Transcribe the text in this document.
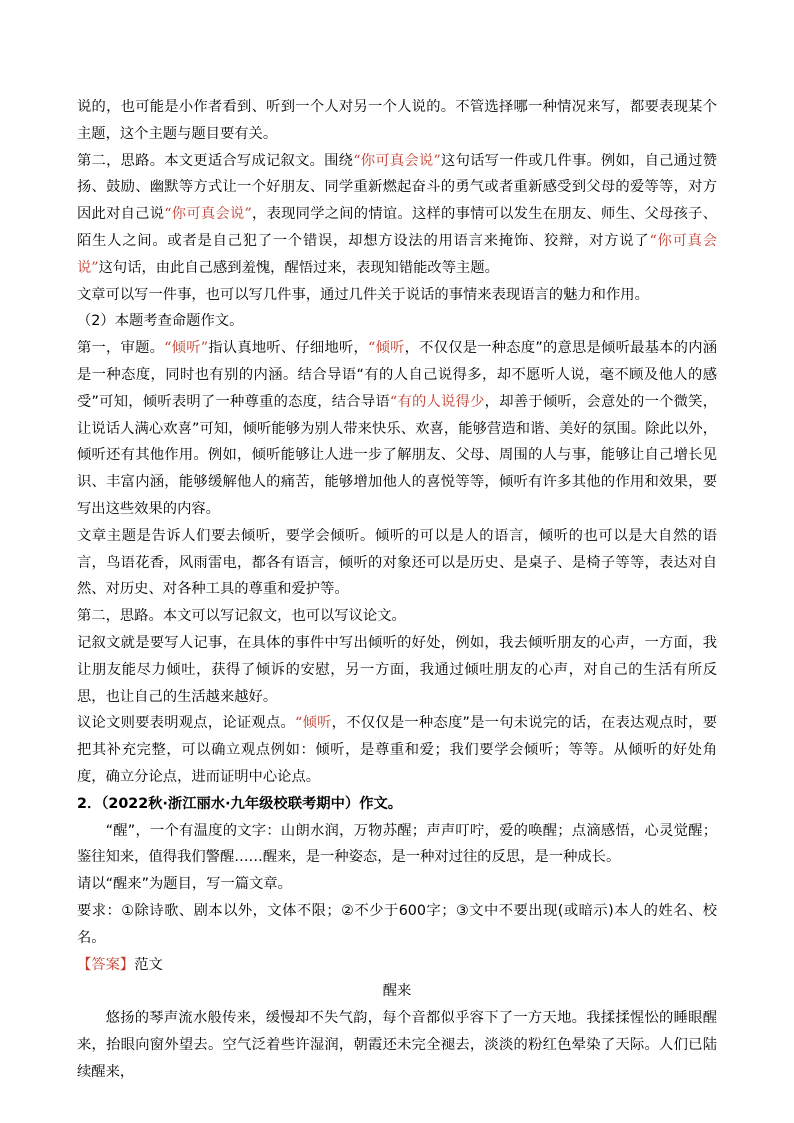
说的，也可能是小作者看到、听到一个人对另一个人说的。不管选择哪一种情况来写，都要表现某个主题，这个主题与题目要有关。

第二，思路。本文更适合写成记叙文。围绕“你可真会说”这句话写一件或几件事。例如，自己通过赞扬、鼓励、幽默等方式让一个好朋友、同学重新燃起奋斗的勇气或者重新感受到父母的爱等等，对方因此对自己说“你可真会说”，表现同学之间的情谊。这样的事情可以发生在朋友、师生、父母孩子、陌生人之间。或者是自己犯了一个错误，却想方设法的用语言来掩饰、狡辩，对方说了“你可真会说”这句话，由此自己感到羞愧，醒悟过来，表现知错能改等主题。

文章可以写一件事，也可以写几件事，通过几件关于说话的事情来表现语言的魅力和作用。

（2）本题考查命题作文。

第一，审题。“倾听”指认真地听、仔细地听，“倾听，不仅仅是一种态度”的意思是倾听最基本的内涵是一种态度，同时也有别的内涵。结合导语“有的人自己说得多，却不愿听人说，毫不顾及他人的感受”可知，倾听表明了一种尊重的态度，结合导语“有的人说得少，却善于倾听，会意处的一个微笑，让说话人满心欢喜”可知，倾听能够为别人带来快乐、欢喜，能够营造和谐、美好的氛围。除此以外，倾听还有其他作用。例如，倾听能够让人进一步了解朋友、父母、周围的人与事，能够让自己增长见识、丰富内涵，能够缓解他人的痛苦，能够增加他人的喜悦等等，倾听有许多其他的作用和效果，要写出这些效果的内容。

文章主题是告诉人们要去倾听，要学会倾听。倾听的可以是人的语言，倾听的也可以是大自然的语言，鸟语花香，风雨雷电，都各有语言，倾听的对象还可以是历史、是桌子、是椅子等等，表达对自然、对历史、对各种工具的尊重和爱护等。

第二，思路。本文可以写记叙文，也可以写议论文。

记叙文就是要写人记事，在具体的事件中写出倾听的好处，例如，我去倾听朋友的心声，一方面，我让朋友能尽力倾吐，获得了倾诉的安慰，另一方面，我通过倾吐朋友的心声，对自己的生活有所反思，也让自己的生活越来越好。

议论文则要表明观点，论证观点。“倾听，不仅仅是一种态度”是一句未说完的话，在表达观点时，要把其补充完整，可以确立观点例如：倾听，是尊重和爱；我们要学会倾听；等等。从倾听的好处角度，确立分论点，进而证明中心论点。

2．（2022秋·浙江丽水·九年级校联考期中）作文。

“醒”，一个有温度的文字：山朗水润，万物苏醒；声声叮咛，爱的唤醒；点滴感悟，心灵觉醒；鉴往知来，值得我们警醒……醒来，是一种姿态，是一种对过往的反思，是一种成长。

请以“醒来”为题目，写一篇文章。

要求：①除诗歌、剧本以外，文体不限；②不少于600字；③文中不要出现(或暗示)本人的姓名、校名。

【答案】范文

醒来

悠扬的琴声流水般传来，缓慢却不失气韵，每个音都似乎容下了一方天地。我揉揉惺忪的睡眼醒来，抬眼向窗外望去。空气泛着些许湿润，朝霞还未完全褪去，淡淡的粉红色晕染了天际。人们已陆续醒来，
